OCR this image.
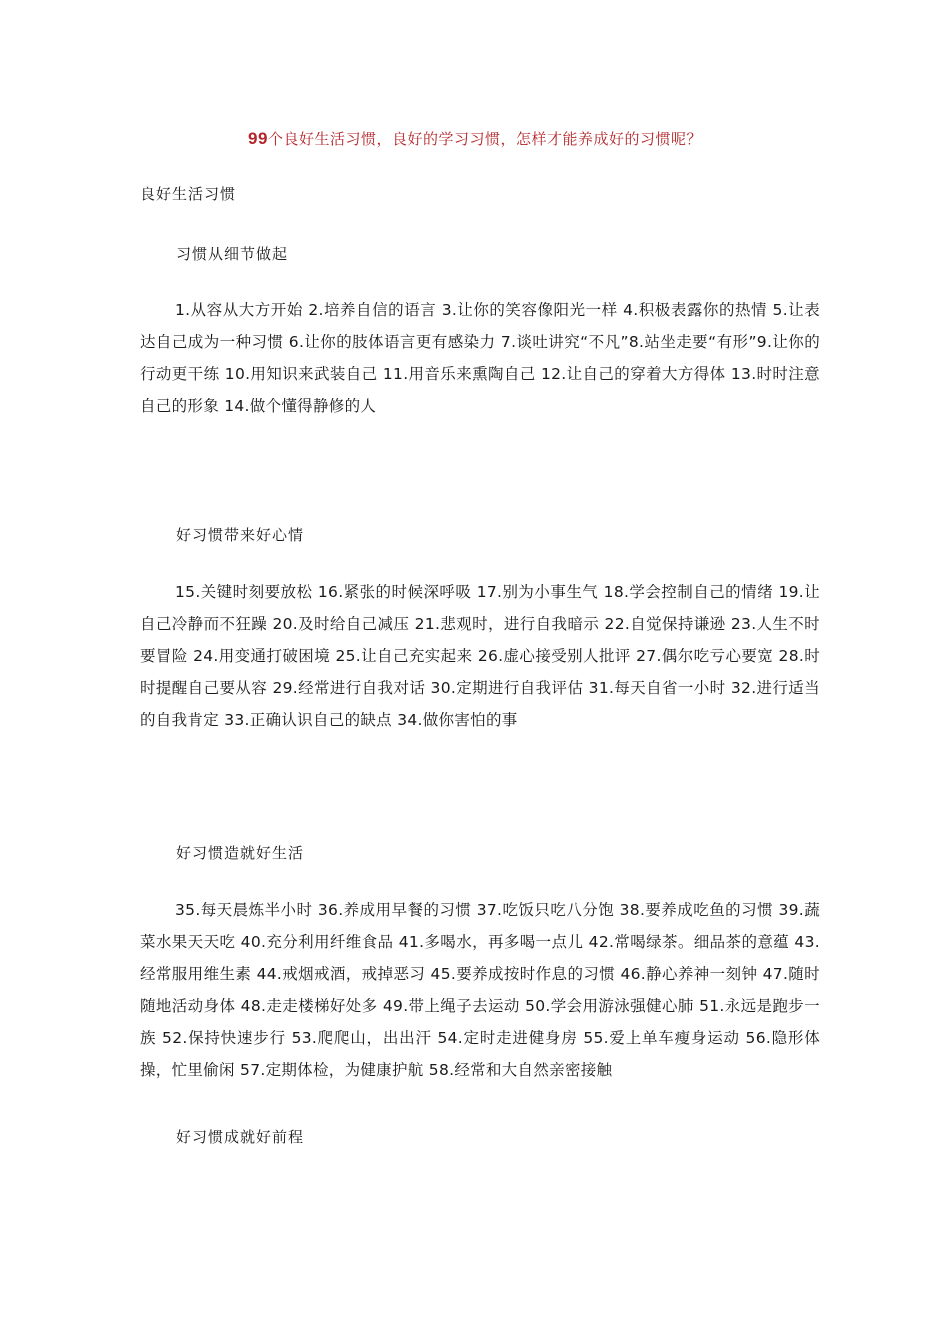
99个良好生活习惯，良好的学习习惯，怎样才能养成好的习惯呢？
良好生活习惯
习惯从细节做起
1.从容从大方开始 2.培养自信的语言 3.让你的笑容像阳光一样 4.积极表露你的热情 5.让表达自己成为一种习惯 6.让你的肢体语言更有感染力 7.谈吐讲究“不凡”8.站坐走要“有形”9.让你的行动更干练 10.用知识来武装自己 11.用音乐来熏陶自己 12.让自己的穿着大方得体 13.时时注意自己的形象 14.做个懂得静修的人
好习惯带来好心情
15.关键时刻要放松 16.紧张的时候深呼吸 17.别为小事生气 18.学会控制自己的情绪 19.让自己冷静而不狂躁 20.及时给自己减压 21.悲观时，进行自我暗示 22.自觉保持谦逊 23.人生不时要冒险 24.用变通打破困境 25.让自己充实起来 26.虚心接受别人批评 27.偶尔吃亏心要宽 28.时时提醒自己要从容 29.经常进行自我对话 30.定期进行自我评估 31.每天自省一小时 32.进行适当的自我肯定 33.正确认识自己的缺点 34.做你害怕的事
好习惯造就好生活
35.每天晨炼半小时 36.养成用早餐的习惯 37.吃饭只吃八分饱 38.要养成吃鱼的习惯 39.蔬菜水果天天吃 40.充分利用纤维食品 41.多喝水，再多喝一点儿 42.常喝绿茶。细品茶的意蕴 43.经常服用维生素 44.戒烟戒酒，戒掉恶习 45.要养成按时作息的习惯 46.静心养神一刻钟 47.随时随地活动身体 48.走走楼梯好处多 49.带上绳子去运动 50.学会用游泳强健心肺 51.永远是跑步一族 52.保持快速步行 53.爬爬山，出出汗 54.定时走进健身房 55.爱上单车瘦身运动 56.隐形体操，忙里偷闲 57.定期体检，为健康护航 58.经常和大自然亲密接触
好习惯成就好前程
